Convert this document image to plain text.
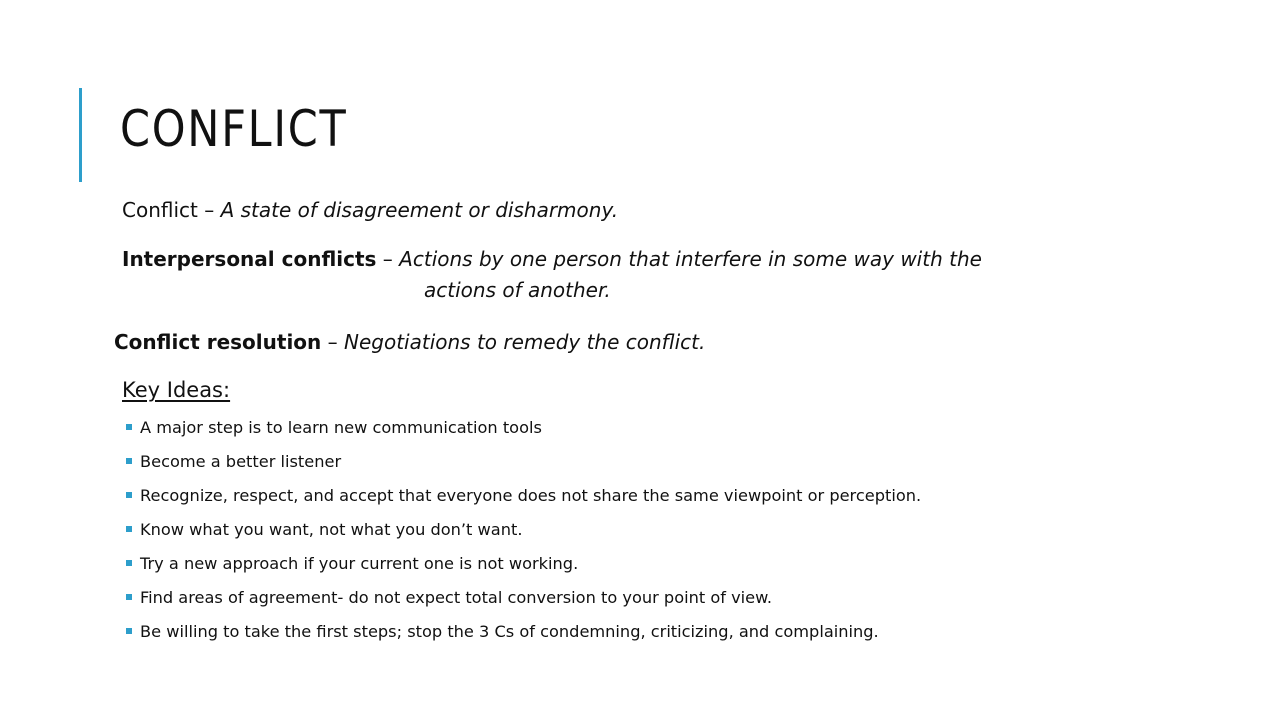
CONFLICT
Conflict – A state of disagreement or disharmony.
Interpersonal conflicts – Actions by one person that interfere in some way with the
actions of another.
Conflict resolution – Negotiations to remedy the conflict.
Key Ideas:
A major step is to learn new communication tools
Become a better listener
Recognize, respect, and accept that everyone does not share the same viewpoint or perception.
Know what you want, not what you don’t want.
Try a new approach if your current one is not working.
Find areas of agreement- do not expect total conversion to your point of view.
Be willing to take the first steps; stop the 3 Cs of condemning, criticizing, and complaining.
